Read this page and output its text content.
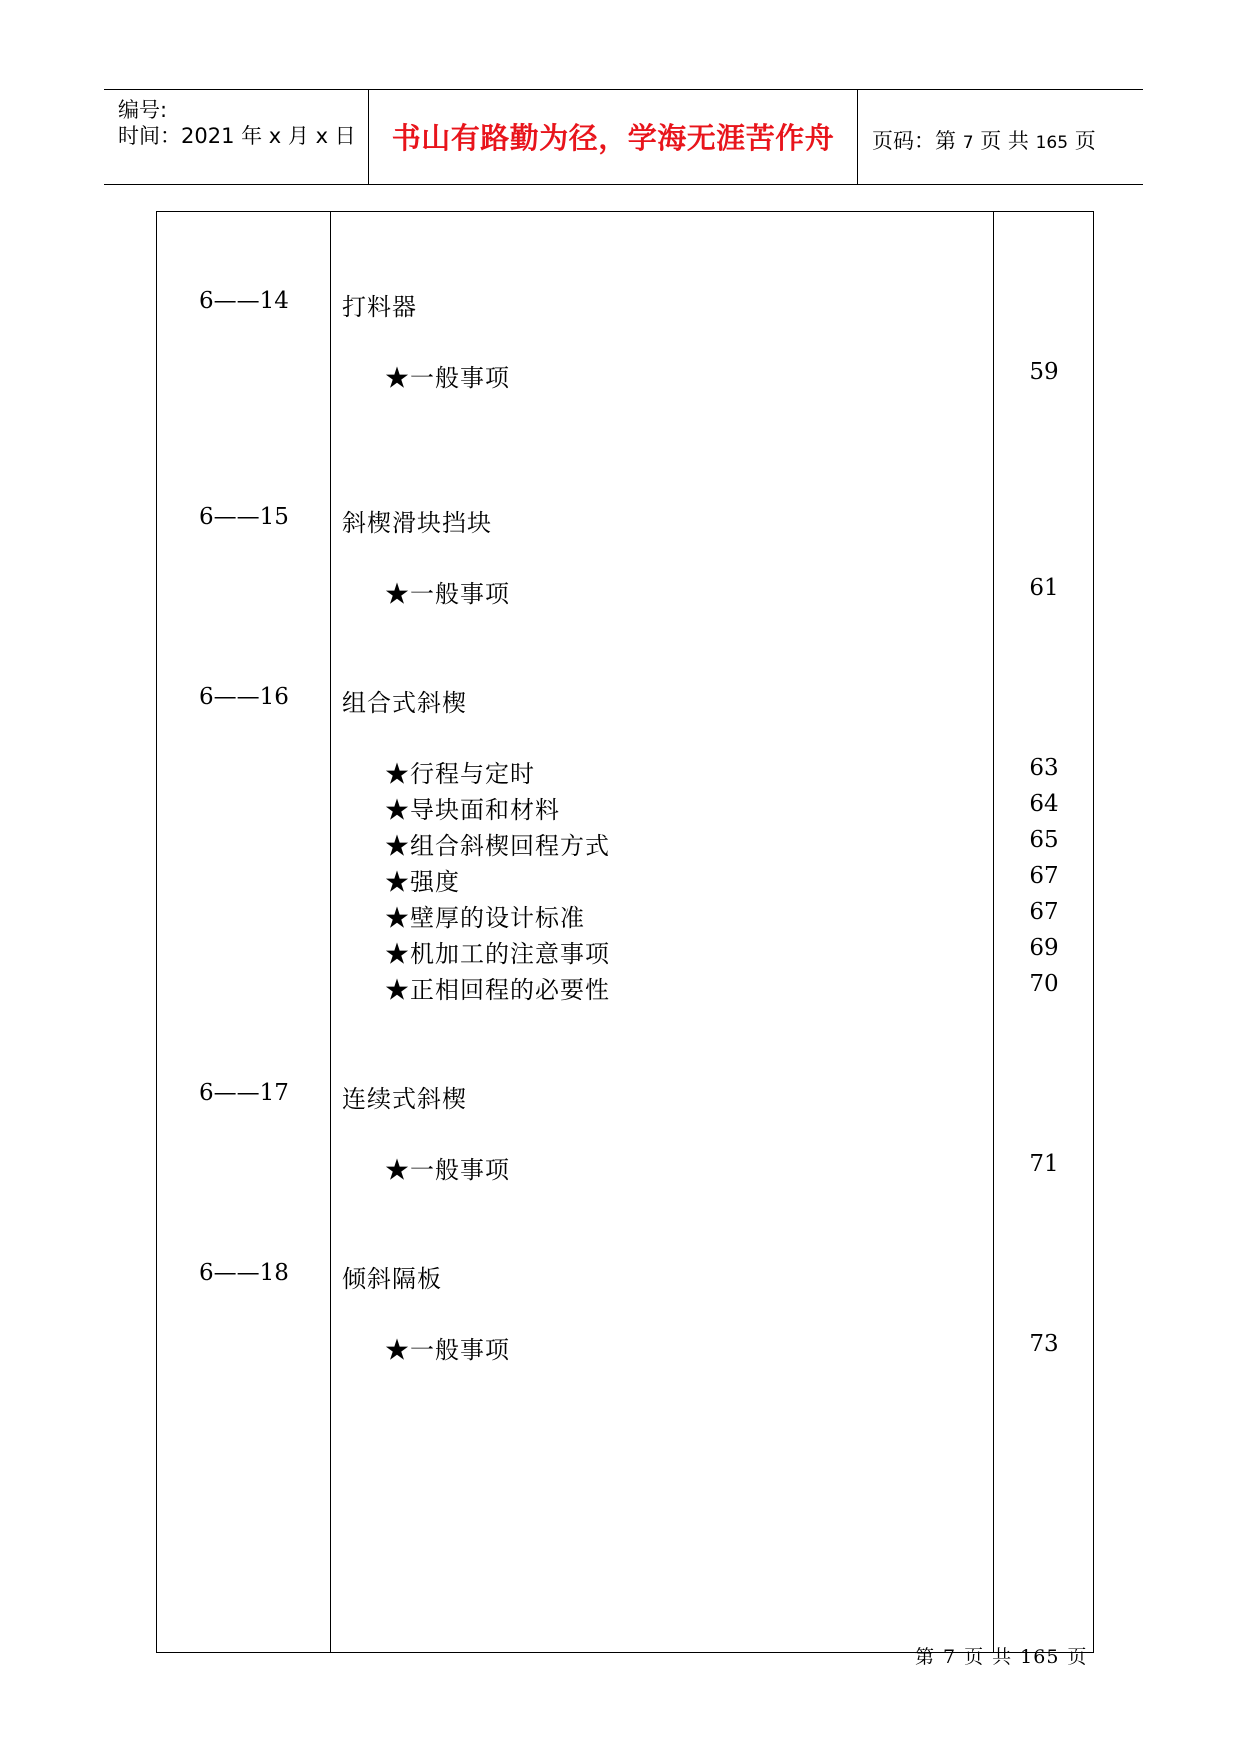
编号:
时间：2021 年 x 月 x 日	书山有路勤为径，学海无涯苦作舟	页码：第 7 页 共 165 页
6——14 打料器
★一般事项	59
6——15 斜楔滑块挡块
★一般事项	61
6——16 组合式斜楔
★行程与定时	63
★导块面和材料	64
★组合斜楔回程方式	65
★强度	67
★壁厚的设计标准	67
★机加工的注意事项	69
★正相回程的必要性	70
6——17 连续式斜楔
★一般事项	71
6——18 倾斜隔板
★一般事项	73
第 7 页 共 165 页
